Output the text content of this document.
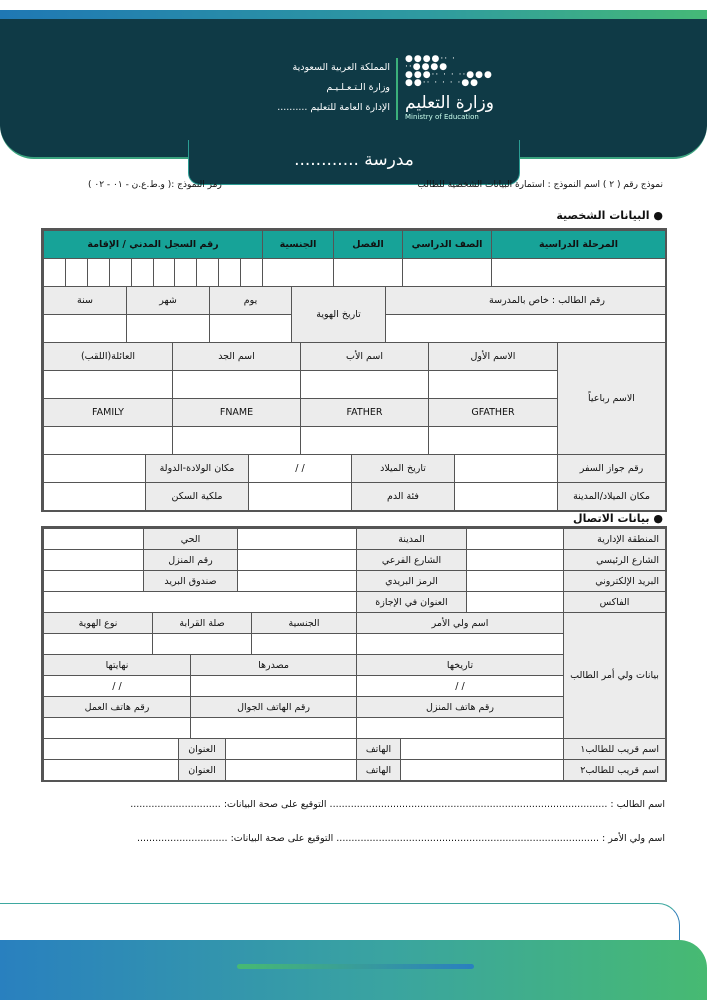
●●●●·· · ··●●●●
●●●·· · · ··●●●
●●·· · · · ·●●
وزارة التعليم
Ministry of Education
المملكة العربية السعودية
وزارة الـتـعـلـيـم
الإدارة العامة للتعليم ..........
مدرسة ............
نموذج رقم ( ٢ ) اسم النموذج : استمارة البيانات الشخصية للطالب
رمز النموذج :( و.ط.ع.ن - ٠١ - ٠٢ )
● البيانات الشخصية
المرحلة الدراسية	الصف الدراسي	الفصل	الجنسية	رقم السجل المدني / الإقامة									

رقم الطالب : خاص بالمدرسة	تاريخ الهوية	يوم	شهر	سنة

الاسم رباعياً	الاسم الأول	اسم الأب	اسم الجد	العائلة(اللقب)

	GFATHER	FATHER	FNAME	FAMILY

رقم جواز السفر		تاريخ الميلاد	/ /	مكان الولادة-الدولة	
مكان الميلاد/المدينة		فئة الدم		ملكية السكن	
● بيانات الاتصال
المنطقة الإدارية		المدينة		الحي	
الشارع الرئيسي		الشارع الفرعي		رقم المنزل	
البريد الإلكتروني		الرمز البريدي		صندوق البريد	
الفاكس		العنوان في الإجازة			
بيانات ولي أمر الطالب	اسم ولي الأمر	الجنسية	صلة القرابة		نوع الهوية

	تاريخها	مصدرها		نهايتها	
	/ /			/ /	
	رقم هاتف المنزل	رقم الهاتف الجوال		رقم هاتف العمل	

اسم قريب للطالب١		الهاتف		العنوان	
اسم قريب للطالب٢		الهاتف		العنوان	
اسم الطالب : ............................................................................................ التوقيع على صحة البيانات: ..............................
اسم ولي الأمر : ....................................................................................... التوقيع على صحة البيانات: ..............................
